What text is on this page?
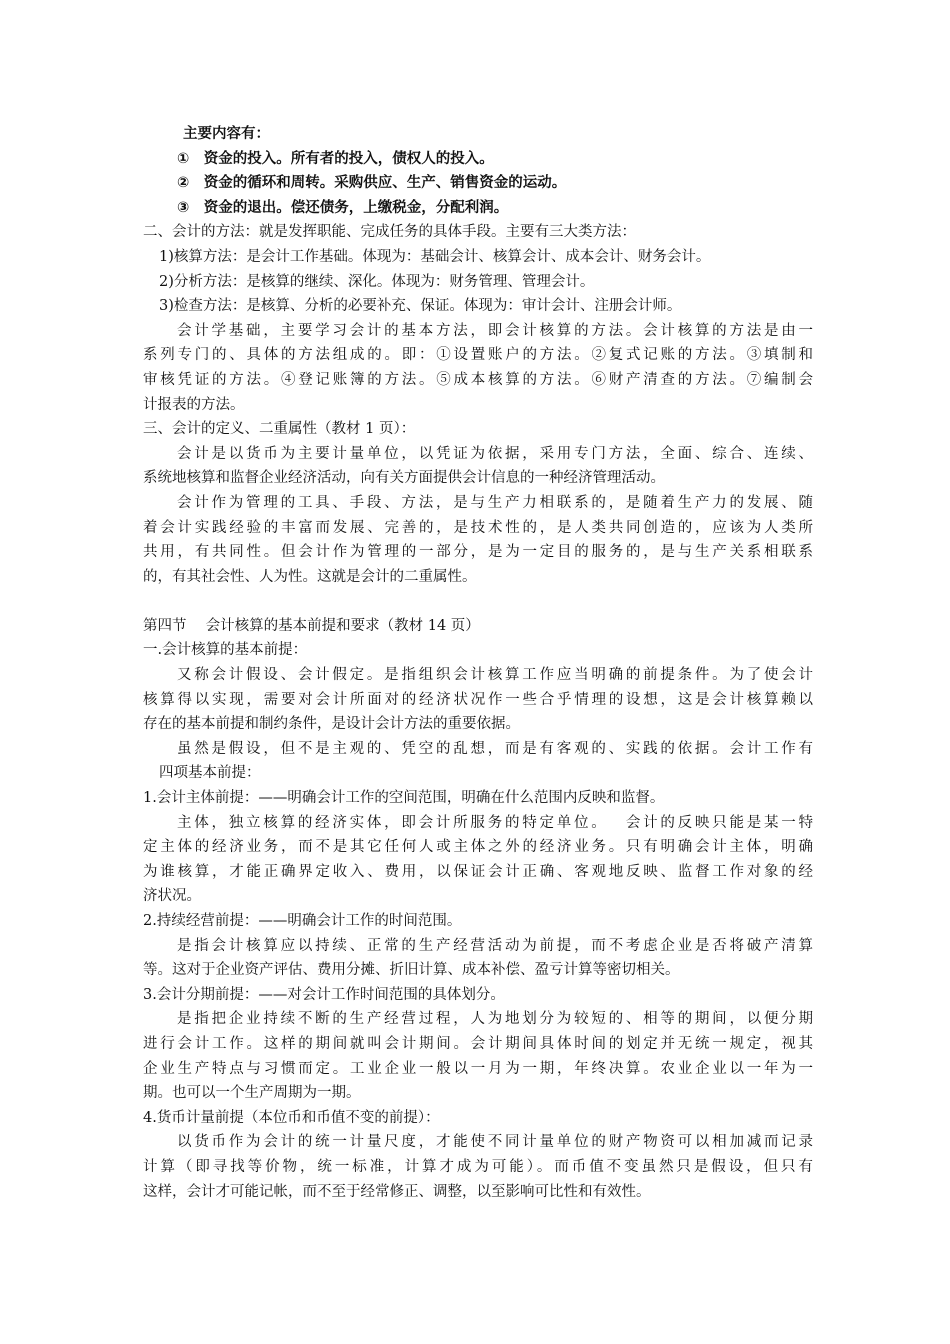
主要内容有：
①　资金的投入。所有者的投入，债权人的投入。
②　资金的循环和周转。采购供应、生产、销售资金的运动。
③　资金的退出。偿还债务，上缴税金，分配利润。
二、会计的方法：就是发挥职能、完成任务的具体手段。主要有三大类方法：
1)核算方法：是会计工作基础。体现为：基础会计、核算会计、成本会计、财务会计。
2)分析方法：是核算的继续、深化。体现为：财务管理、管理会计。
3)检查方法：是核算、分析的必要补充、保证。体现为：审计会计、注册会计师。
会计学基础，主要学习会计的基本方法，即会计核算的方法。会计核算的方法是由一
系列专门的、具体的方法组成的。即：①设置账户的方法。②复式记账的方法。③填制和
审核凭证的方法。④登记账簿的方法。⑤成本核算的方法。⑥财产清查的方法。⑦编制会
计报表的方法。
三、会计的定义、二重属性（教材 1 页）：
会计是以货币为主要计量单位，以凭证为依据，采用专门方法，全面、综合、连续、
系统地核算和监督企业经济活动，向有关方面提供会计信息的一种经济管理活动。
会计作为管理的工具、手段、方法，是与生产力相联系的，是随着生产力的发展、随
着会计实践经验的丰富而发展、完善的，是技术性的，是人类共同创造的，应该为人类所
共用，有共同性。但会计作为管理的一部分，是为一定目的服务的，是与生产关系相联系
的，有其社会性、人为性。这就是会计的二重属性。
第四节　 会计核算的基本前提和要求（教材 14 页）
一.会计核算的基本前提：
又称会计假设、会计假定。是指组织会计核算工作应当明确的前提条件。为了使会计
核算得以实现，需要对会计所面对的经济状况作一些合乎情理的设想，这是会计核算赖以
存在的基本前提和制约条件，是设计会计方法的重要依据。
虽然是假设，但不是主观的、凭空的乱想，而是有客观的、实践的依据。会计工作有
四项基本前提：
1.会计主体前提：——明确会计工作的空间范围，明确在什么范围内反映和监督。
主体，独立核算的经济实体，即会计所服务的特定单位。　 会计的反映只能是某一特
定主体的经济业务，而不是其它任何人或主体之外的经济业务。只有明确会计主体，明确
为谁核算，才能正确界定收入、费用，以保证会计正确、客观地反映、监督工作对象的经
济状况。
2.持续经营前提：——明确会计工作的时间范围。
是指会计核算应以持续、正常的生产经营活动为前提，而不考虑企业是否将破产清算
等。这对于企业资产评估、费用分摊、折旧计算、成本补偿、盈亏计算等密切相关。
3.会计分期前提：——对会计工作时间范围的具体划分。
是指把企业持续不断的生产经营过程，人为地划分为较短的、相等的期间，以便分期
进行会计工作。这样的期间就叫会计期间。会计期间具体时间的划定并无统一规定，视其
企业生产特点与习惯而定。工业企业一般以一月为一期，年终决算。农业企业以一年为一
期。也可以一个生产周期为一期。
4.货币计量前提（本位币和币值不变的前提）：
以货币作为会计的统一计量尺度，才能使不同计量单位的财产物资可以相加减而记录
计算（即寻找等价物，统一标准，计算才成为可能）。而币值不变虽然只是假设，但只有
这样，会计才可能记帐，而不至于经常修正、调整，以至影响可比性和有效性。
